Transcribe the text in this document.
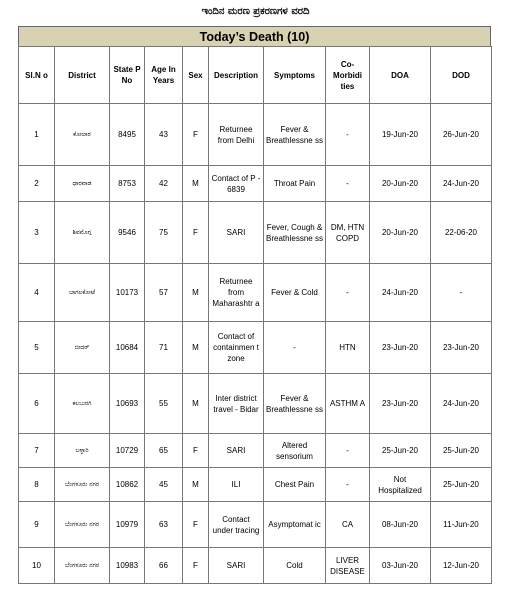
ಇಂದಿನ ಮರಣ ಪ್ರಕರಣಗಳ ವರದಿ
Today’s Death (10)
Sl.N o	District	State P No	Age In Years	Sex	Description	Symptoms	Co- Morbidi ties	DOA	DOD
1	ಕೋಲಾರ	8495	43	F	Returnee from Delhi	Fever & Breathlessne ss	-	19-Jun-20	26-Jun-20
2	ಧಾರವಾಡ	8753	42	M	Contact of P - 6839	Throat Pain	-	20-Jun-20	24-Jun-20
3	ಶಿವಮೊಗ್ಗ	9546	75	F	SARI	Fever, Cough & Breathlessne ss	DM, HTN COPD	20-Jun-20	22-06-20
4	ಬಾಗಲಕೋಟೆ	10173	57	M	Returnee from Maharashtr a	Fever & Cold	-	24-Jun-20	-
5	ಬೀದರ್	10684	71	M	Contact of containmen t zone	-	HTN	23-Jun-20	23-Jun-20
6	ಕಲಬುರಗಿ	10693	55	M	Inter district travel - Bidar	Fever & Breathlessne ss	ASTHM A	23-Jun-20	24-Jun-20
7	ಬಳ್ಳಾರಿ	10729	65	F	SARI	Altered sensorium	-	25-Jun-20	25-Jun-20
8	ಬೆಂಗಳೂರು ನಗರ	10862	45	M	ILI	Chest Pain	-	Not Hospitalized	25-Jun-20
9	ಬೆಂಗಳೂರು ನಗರ	10979	63	F	Contact under tracing	Asymptomat ic	CA	08-Jun-20	11-Jun-20
10	ಬೆಂಗಳೂರು ನಗರ	10983	66	F	SARI	Cold	LIVER DISEASE	03-Jun-20	12-Jun-20
